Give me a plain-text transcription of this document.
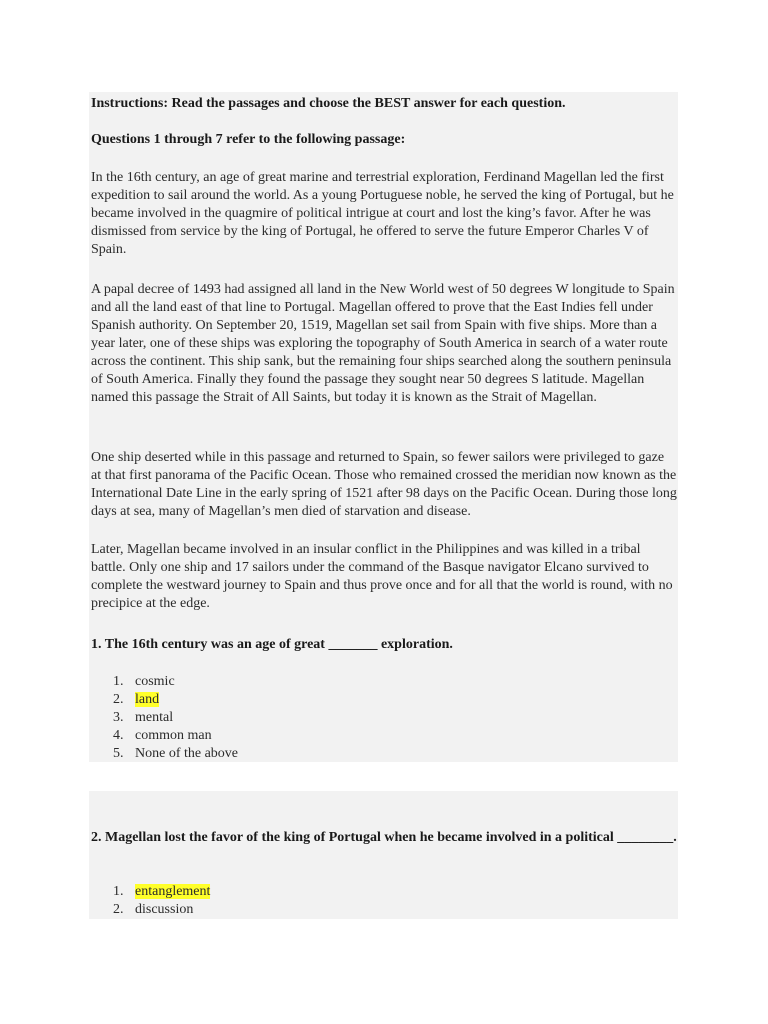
Instructions: Read the passages and choose the BEST answer for each question.

Questions 1 through 7 refer to the following passage:

In the 16th century, an age of great marine and terrestrial exploration, Ferdinand Magellan led the first expedition to sail around the world. As a young Portuguese noble, he served the king of Portugal, but he became involved in the quagmire of political intrigue at court and lost the king’s favor. After he was dismissed from service by the king of Portugal, he offered to serve the future Emperor Charles V of Spain.

A papal decree of 1493 had assigned all land in the New World west of 50 degrees W longitude to Spain and all the land east of that line to Portugal. Magellan offered to prove that the East Indies fell under Spanish authority. On September 20, 1519, Magellan set sail from Spain with five ships. More than a year later, one of these ships was exploring the topography of South America in search of a water route across the continent. This ship sank, but the remaining four ships searched along the southern peninsula of South America. Finally they found the passage they sought near 50 degrees S latitude. Magellan named this passage the Strait of All Saints, but today it is known as the Strait of Magellan.

One ship deserted while in this passage and returned to Spain, so fewer sailors were privileged to gaze at that first panorama of the Pacific Ocean. Those who remained crossed the meridian now known as the International Date Line in the early spring of 1521 after 98 days on the Pacific Ocean. During those long days at sea, many of Magellan’s men died of starvation and disease.

Later, Magellan became involved in an insular conflict in the Philippines and was killed in a tribal battle. Only one ship and 17 sailors under the command of the Basque navigator Elcano survived to complete the westward journey to Spain and thus prove once and for all that the world is round, with no precipice at the edge.

1. The 16th century was an age of great _______ exploration.

1. cosmic
2. land
3. mental
4. common man
5. None of the above

2. Magellan lost the favor of the king of Portugal when he became involved in a political ________.

1. entanglement
2. discussion
